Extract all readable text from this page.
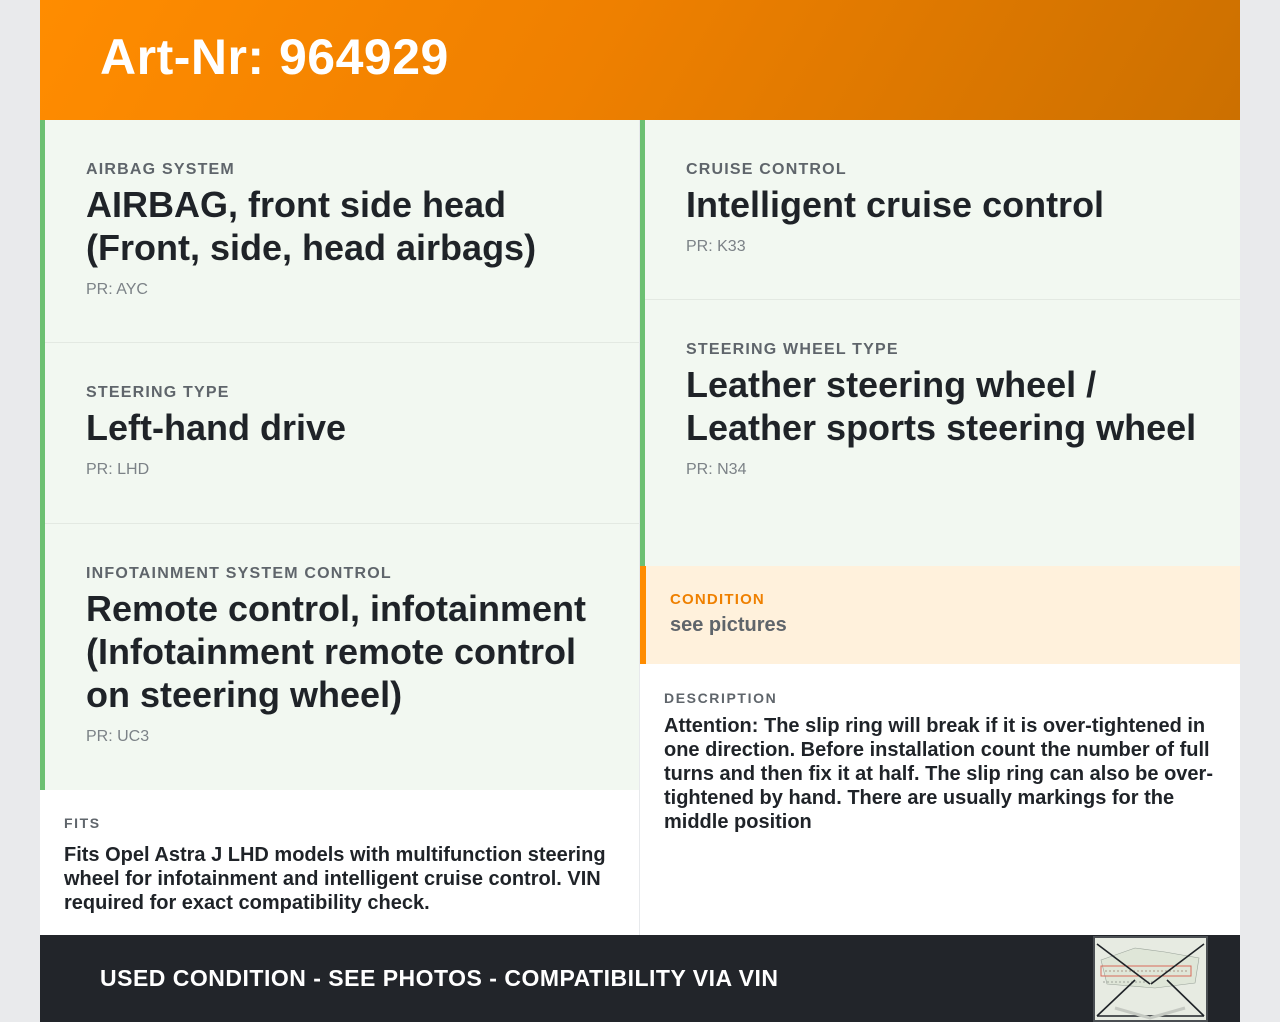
Art-Nr: 964929
AIRBAG SYSTEM
AIRBAG, front side head (Front, side, head airbags)
PR: AYC
STEERING TYPE
Left-hand drive
PR: LHD
INFOTAINMENT SYSTEM CONTROL
Remote control, infotainment (Infotainment remote control on steering wheel)
PR: UC3
CRUISE CONTROL
Intelligent cruise control
PR: K33
STEERING WHEEL TYPE
Leather steering wheel / Leather sports steering wheel
PR: N34
CONDITION
see pictures
FITS
Fits Opel Astra J LHD models with multifunction steering wheel for infotainment and intelligent cruise control. VIN required for exact compatibility check.
DESCRIPTION
Attention: The slip ring will break if it is over-tightened in one direction. Before installation count the number of full turns and then fix it at half. The slip ring can also be over-tightened by hand. There are usually markings for the middle position
USED CONDITION - SEE PHOTOS - COMPATIBILITY VIA VIN
